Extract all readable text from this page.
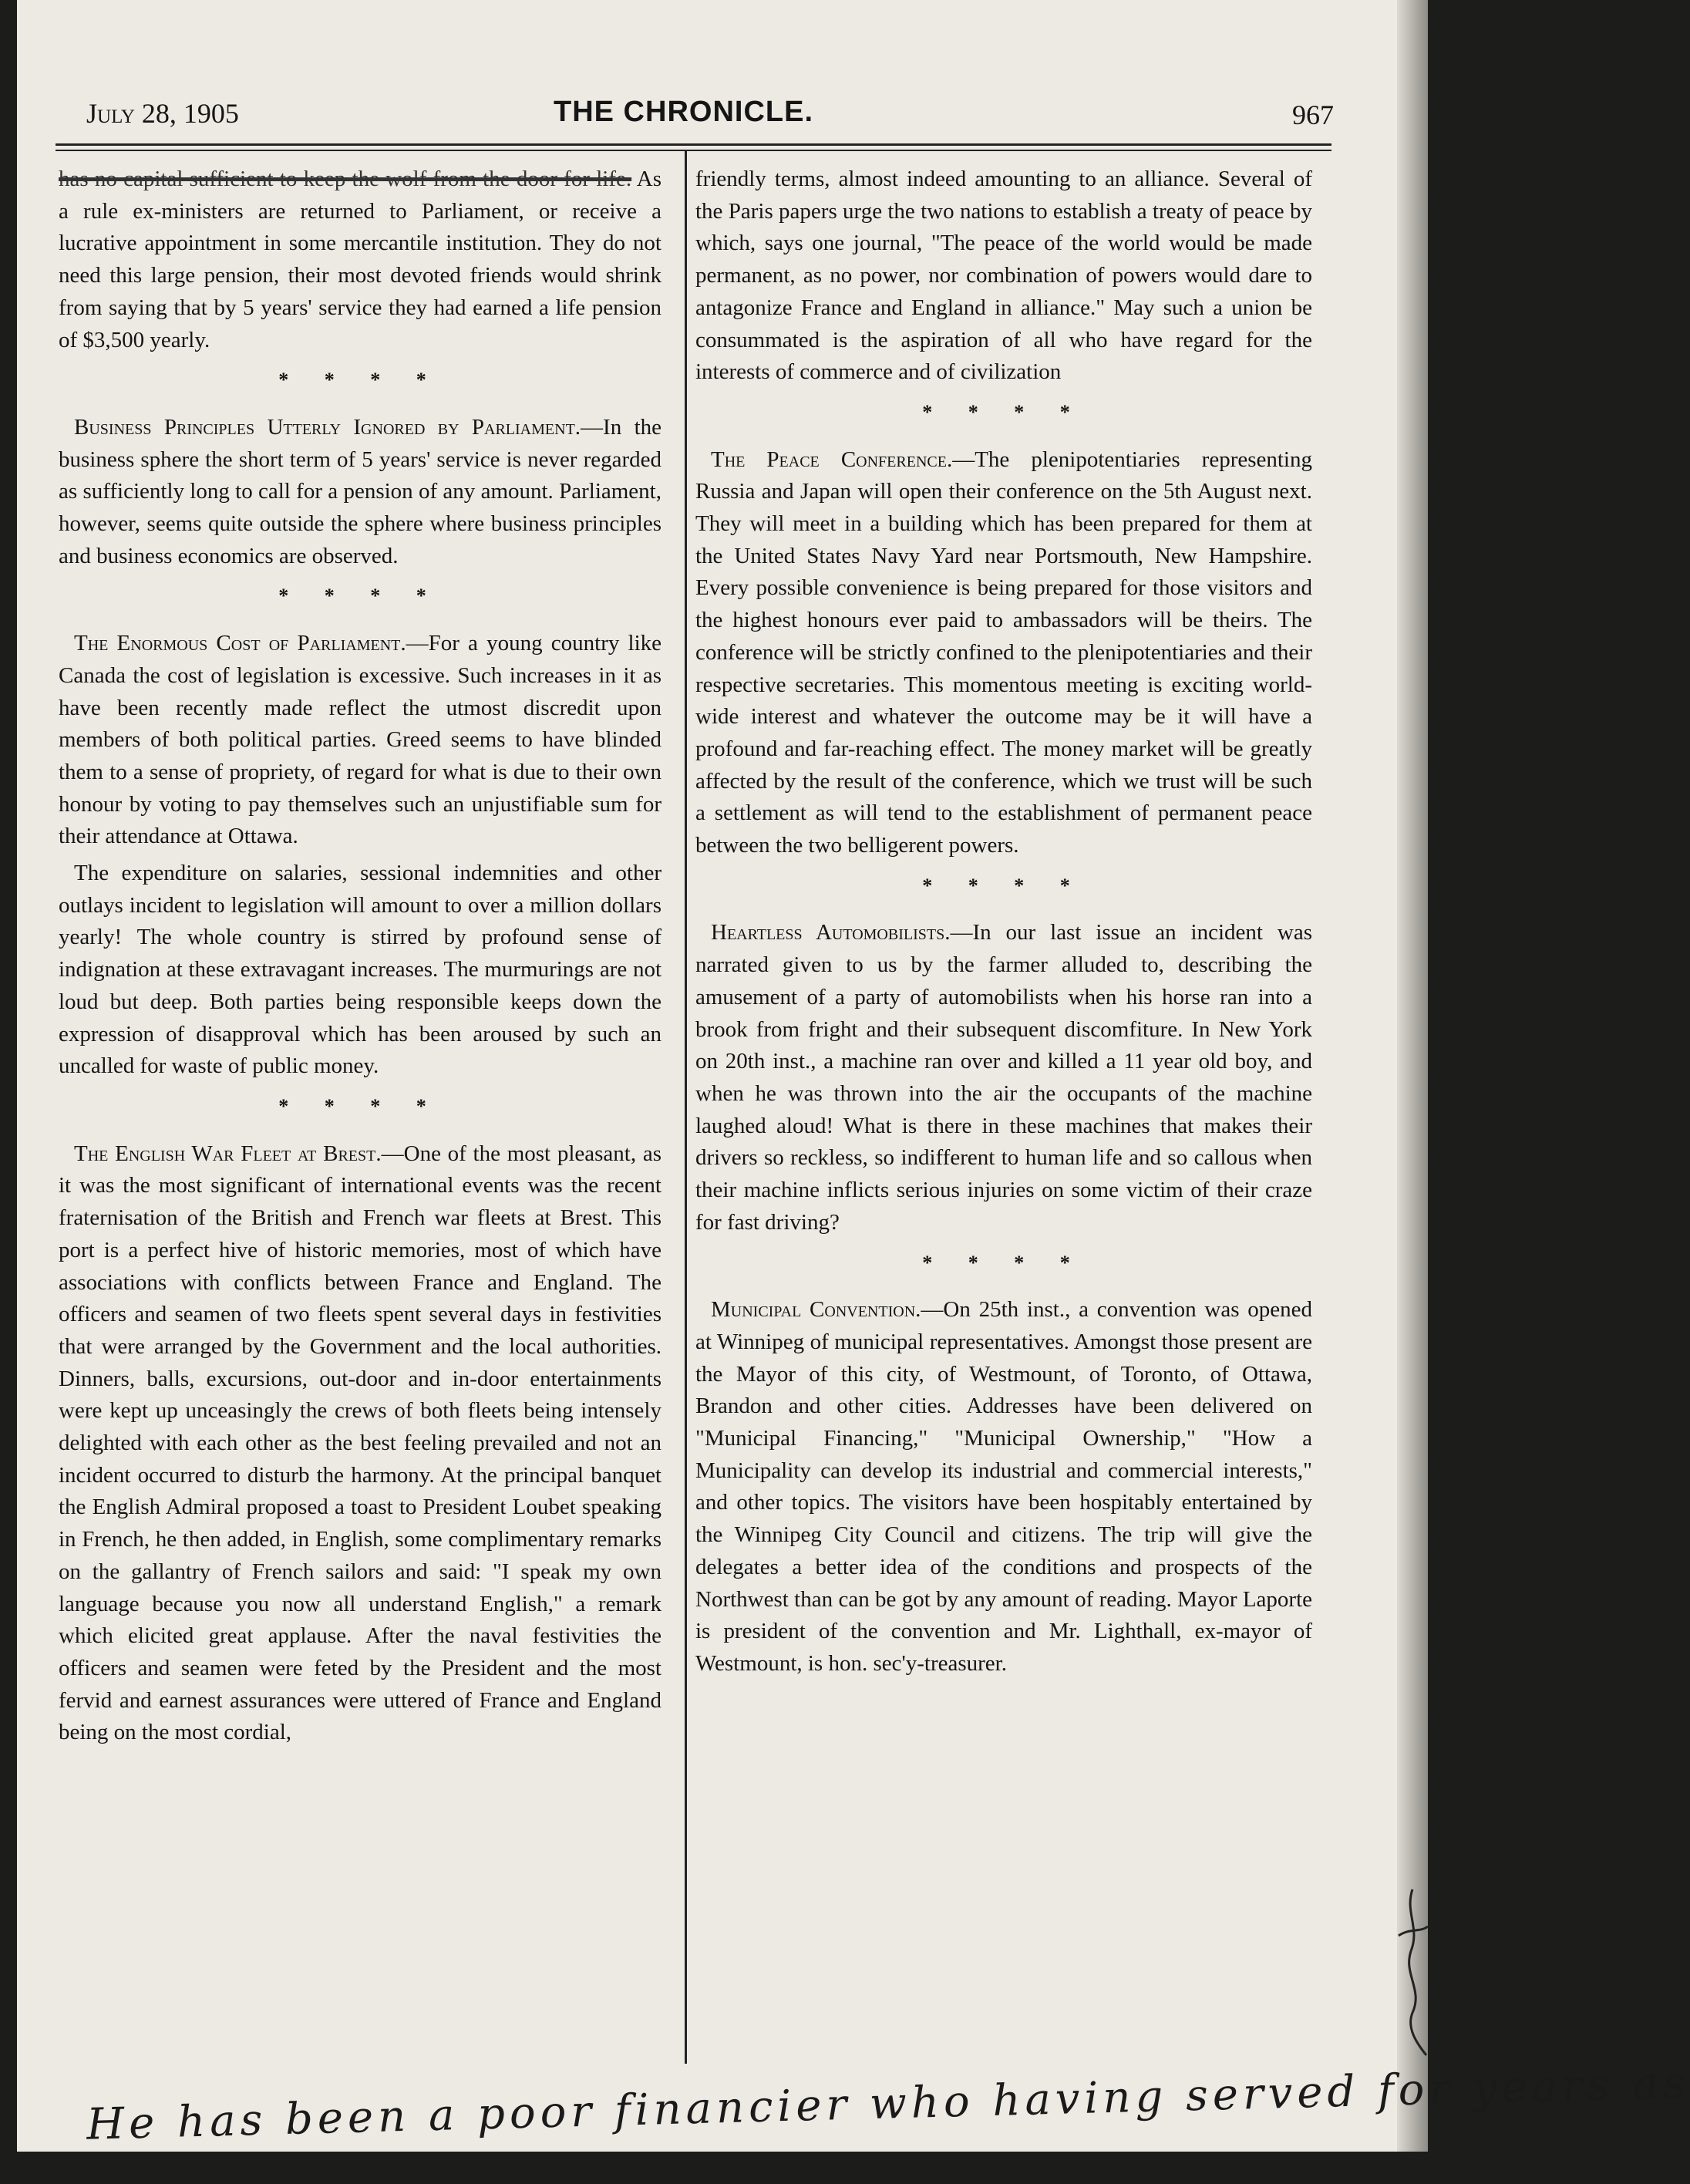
July 28, 1905	THE CHRONICLE.	967

has no capital sufficient to keep the wolf from the door for life. As a rule ex-ministers are returned to Parliament, or receive a lucrative appointment in some mercantile institution. They do not need this large pension, their most devoted friends would shrink from saying that by 5 years' service they had earned a life pension of $3,500 yearly.

* * * *

Business Principles Utterly Ignored by Parliament.—In the business sphere the short term of 5 years' service is never regarded as sufficiently long to call for a pension of any amount. Parliament, however, seems quite outside the sphere where business principles and business economics are observed.

* * * *

The Enormous Cost of Parliament.—For a young country like Canada the cost of legislation is excessive. Such increases in it as have been recently made reflect the utmost discredit upon members of both political parties. Greed seems to have blinded them to a sense of propriety, of regard for what is due to their own honour by voting to pay themselves such an unjustifiable sum for their attendance at Ottawa.

The expenditure on salaries, sessional indemnities and other outlays incident to legislation will amount to over a million dollars yearly! The whole country is stirred by profound sense of indignation at these extravagant increases. The murmurings are not loud but deep. Both parties being responsible keeps down the expression of disapproval which has been aroused by such an uncalled for waste of public money.

* * * *

The English War Fleet at Brest.—One of the most pleasant, as it was the most significant of international events was the recent fraternisation of the British and French war fleets at Brest. This port is a perfect hive of historic memories, most of which have associations with conflicts between France and England. The officers and seamen of two fleets spent several days in festivities that were arranged by the Government and the local authorities. Dinners, balls, excursions, out-door and in-door entertainments were kept up unceasingly the crews of both fleets being intensely delighted with each other as the best feeling prevailed and not an incident occurred to disturb the harmony. At the principal banquet the English Admiral proposed a toast to President Loubet speaking in French, he then added, in English, some complimentary remarks on the gallantry of French sailors and said: "I speak my own language because you now all understand English," a remark which elicited great applause. After the naval festivities the officers and seamen were feted by the President and the most fervid and earnest assurances were uttered of France and England being on the most cordial,

friendly terms, almost indeed amounting to an alliance. Several of the Paris papers urge the two nations to establish a treaty of peace by which, says one journal, "The peace of the world would be made permanent, as no power, nor combination of powers would dare to antagonize France and England in alliance." May such a union be consummated is the aspiration of all who have regard for the interests of commerce and of civilization

* * * *

The Peace Conference.—The plenipotentiaries representing Russia and Japan will open their conference on the 5th August next. They will meet in a building which has been prepared for them at the United States Navy Yard near Portsmouth, New Hampshire. Every possible convenience is being prepared for those visitors and the highest honours ever paid to ambassadors will be theirs. The conference will be strictly confined to the plenipotentiaries and their respective secretaries. This momentous meeting is exciting world-wide interest and whatever the outcome may be it will have a profound and far-reaching effect. The money market will be greatly affected by the result of the conference, which we trust will be such a settlement as will tend to the establishment of permanent peace between the two belligerent powers.

* * * *

Heartless Automobilists.—In our last issue an incident was narrated given to us by the farmer alluded to, describing the amusement of a party of automobilists when his horse ran into a brook from fright and their subsequent discomfiture. In New York on 20th inst., a machine ran over and killed a 11 year old boy, and when he was thrown into the air the occupants of the machine laughed aloud! What is there in these machines that makes their drivers so reckless, so indifferent to human life and so callous when their machine inflicts serious injuries on some victim of their craze for fast driving?

* * * *

Municipal Convention.—On 25th inst., a convention was opened at Winnipeg of municipal representatives. Amongst those present are the Mayor of this city, of Westmount, of Toronto, of Ottawa, Brandon and other cities. Addresses have been delivered on "Municipal Financing," "Municipal Ownership," "How a Municipality can develop its industrial and commercial interests," and other topics. The visitors have been hospitably entertained by the Winnipeg City Council and citizens. The trip will give the delegates a better idea of the conditions and prospects of the Northwest than can be got by any amount of reading. Mayor Laporte is president of the convention and Mr. Lighthall, ex-mayor of Westmount, is hon. sec'y-treasurer.

He has been a poor financier who having served for years as
